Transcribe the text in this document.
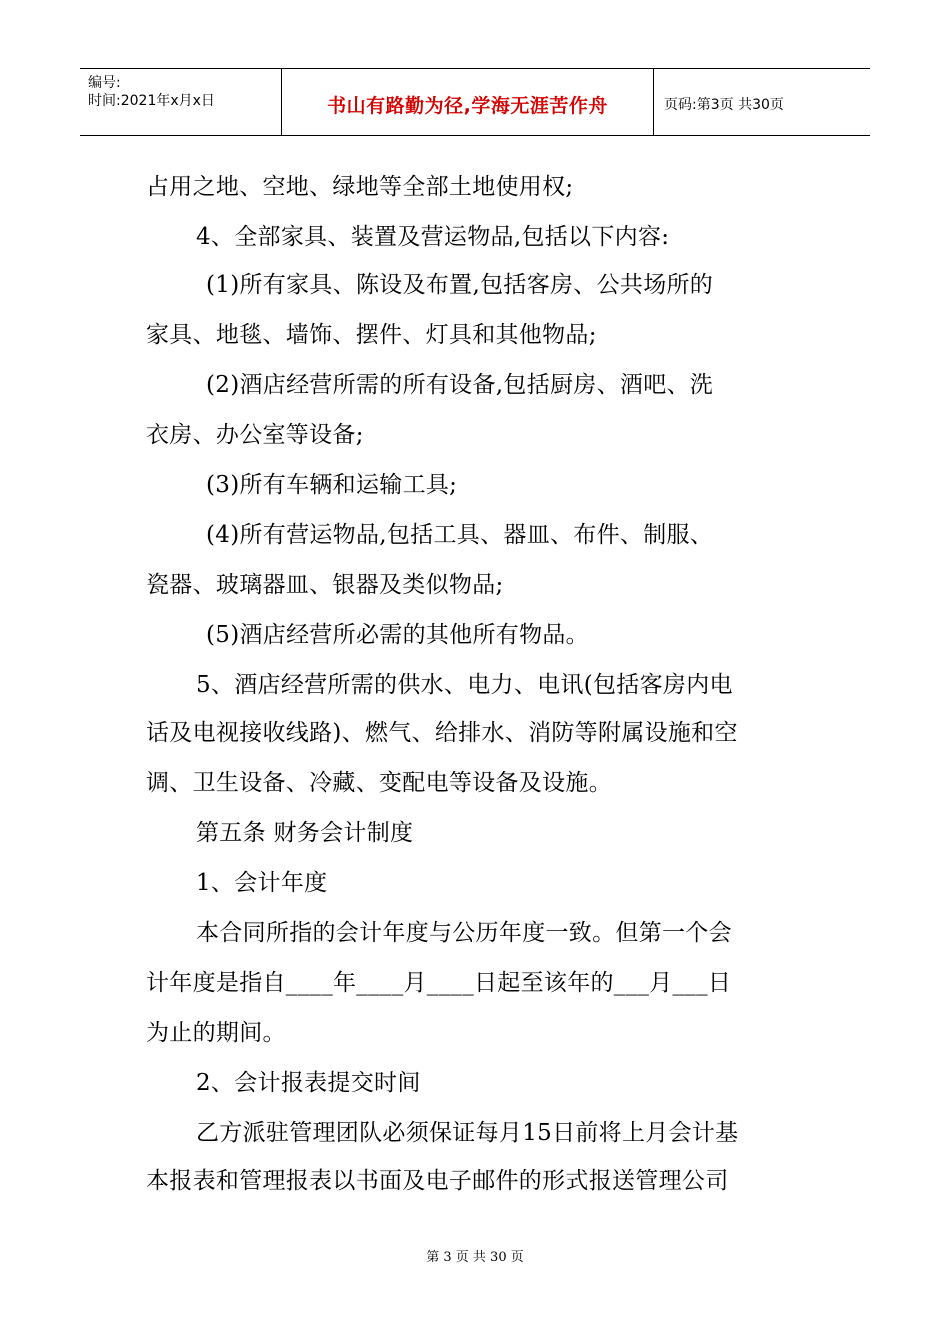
编号:
时间:2021年x月x日	书山有路勤为径,学海无涯苦作舟	页码:第3页 共30页
占用之地、空地、绿地等全部土地使用权;
4、全部家具、装置及营运物品,包括以下内容:
(1)所有家具、陈设及布置,包括客房、公共场所的
家具、地毯、墙饰、摆件、灯具和其他物品;
(2)酒店经营所需的所有设备,包括厨房、酒吧、洗
衣房、办公室等设备;
(3)所有车辆和运输工具;
(4)所有营运物品,包括工具、器皿、布件、制服、
瓷器、玻璃器皿、银器及类似物品;
(5)酒店经营所必需的其他所有物品。
5、酒店经营所需的供水、电力、电讯(包括客房内电
话及电视接收线路)、燃气、给排水、消防等附属设施和空
调、卫生设备、冷藏、变配电等设备及设施。
第五条 财务会计制度
1、会计年度
本合同所指的会计年度与公历年度一致。但第一个会
计年度是指自____年____月____日起至该年的___月___日
为止的期间。
2、会计报表提交时间
乙方派驻管理团队必须保证每月15日前将上月会计基
本报表和管理报表以书面及电子邮件的形式报送管理公司
第 3 页 共 30 页
